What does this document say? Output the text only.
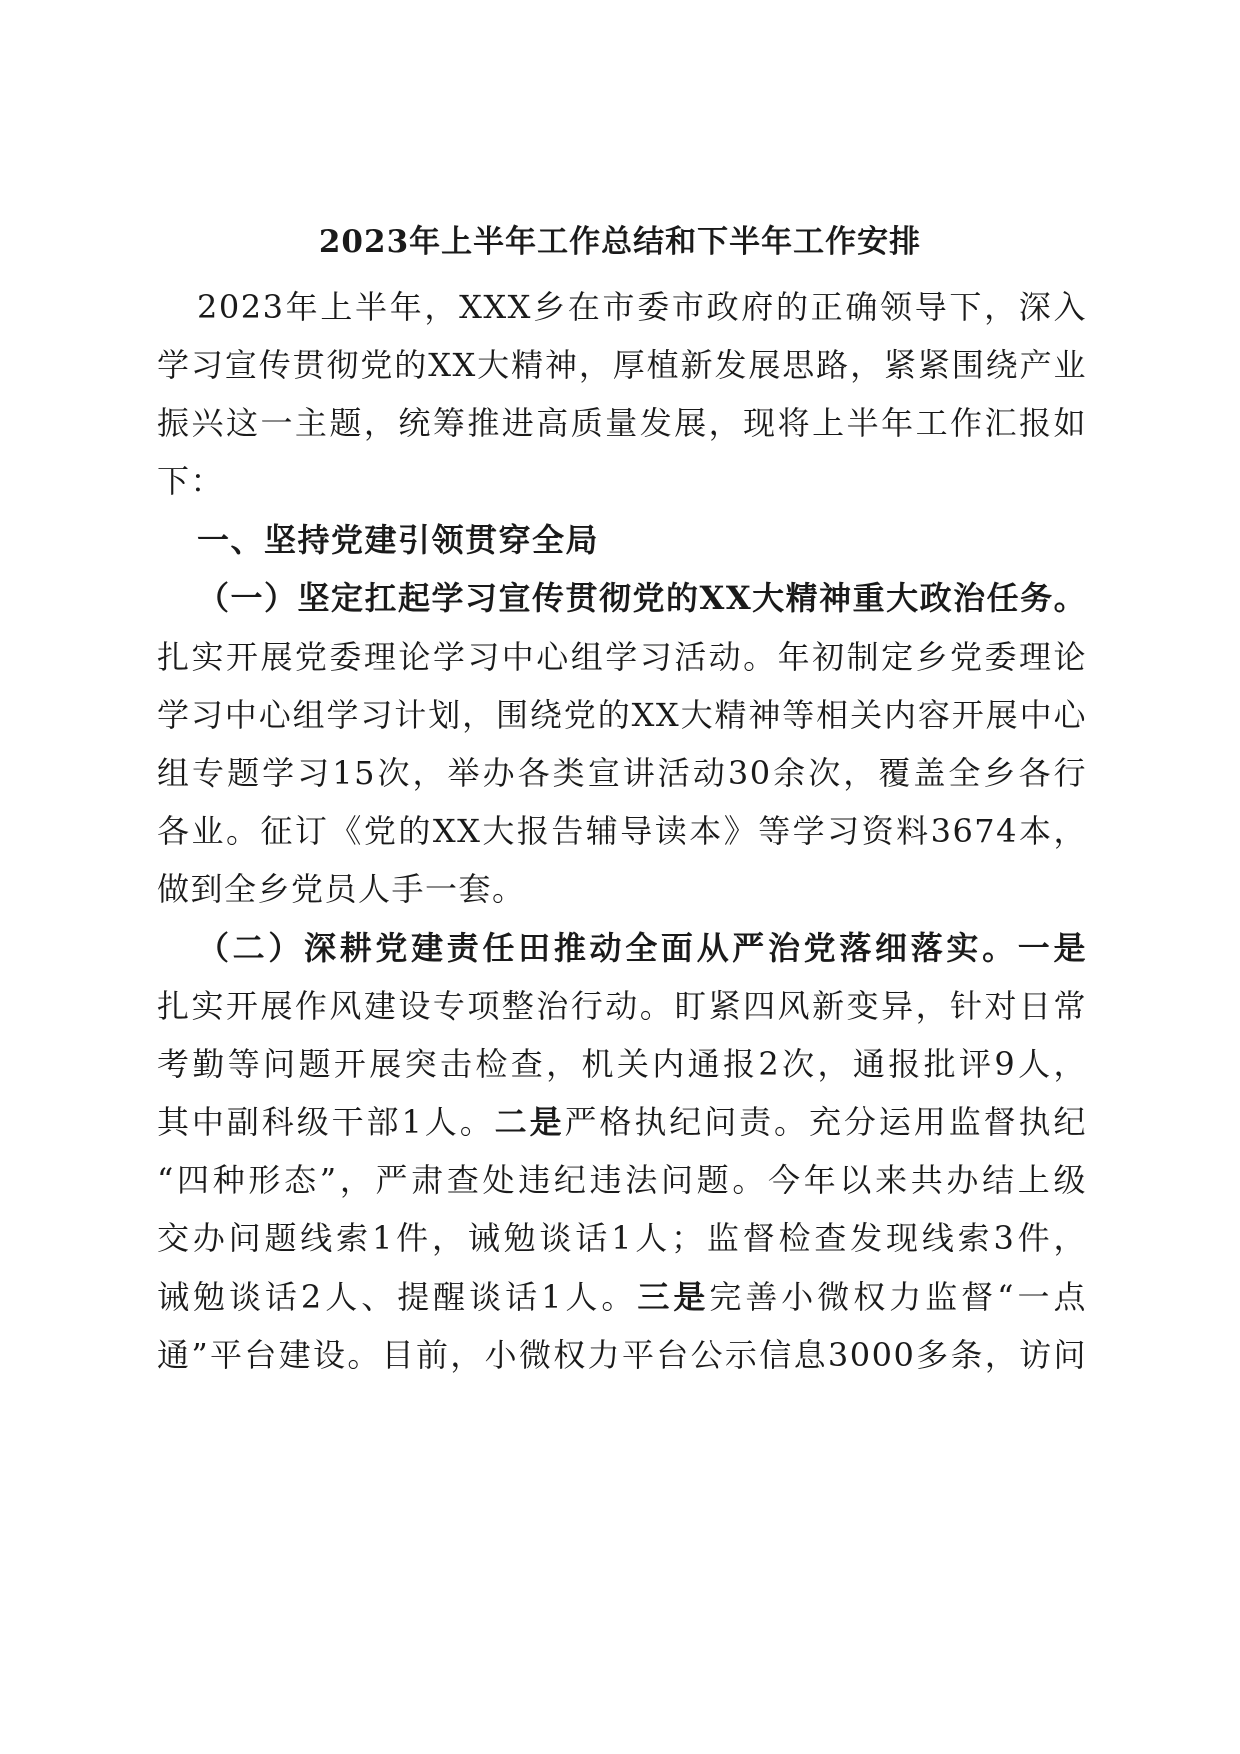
2023年上半年工作总结和下半年工作安排
2023年上半年，XXX乡在市委市政府的正确领导下，深入
学习宣传贯彻党的XX大精神，厚植新发展思路，紧紧围绕产业
振兴这一主题，统筹推进高质量发展，现将上半年工作汇报如
下：
一、坚持党建引领贯穿全局
（一）坚定扛起学习宣传贯彻党的XX大精神重大政治任务。
扎实开展党委理论学习中心组学习活动。年初制定乡党委理论
学习中心组学习计划，围绕党的XX大精神等相关内容开展中心
组专题学习15次，举办各类宣讲活动30余次，覆盖全乡各行
各业。征订《党的XX大报告辅导读本》等学习资料3674本，
做到全乡党员人手一套。
（二）深耕党建责任田推动全面从严治党落细落实。一是
扎实开展作风建设专项整治行动。盯紧四风新变异，针对日常
考勤等问题开展突击检查，机关内通报2次，通报批评9人，
其中副科级干部1人。二是严格执纪问责。充分运用监督执纪
“四种形态”，严肃查处违纪违法问题。今年以来共办结上级
交办问题线索1件，诫勉谈话1人；监督检查发现线索3件，
诫勉谈话2人、提醒谈话1人。三是完善小微权力监督“一点
通”平台建设。目前，小微权力平台公示信息3000多条，访问
